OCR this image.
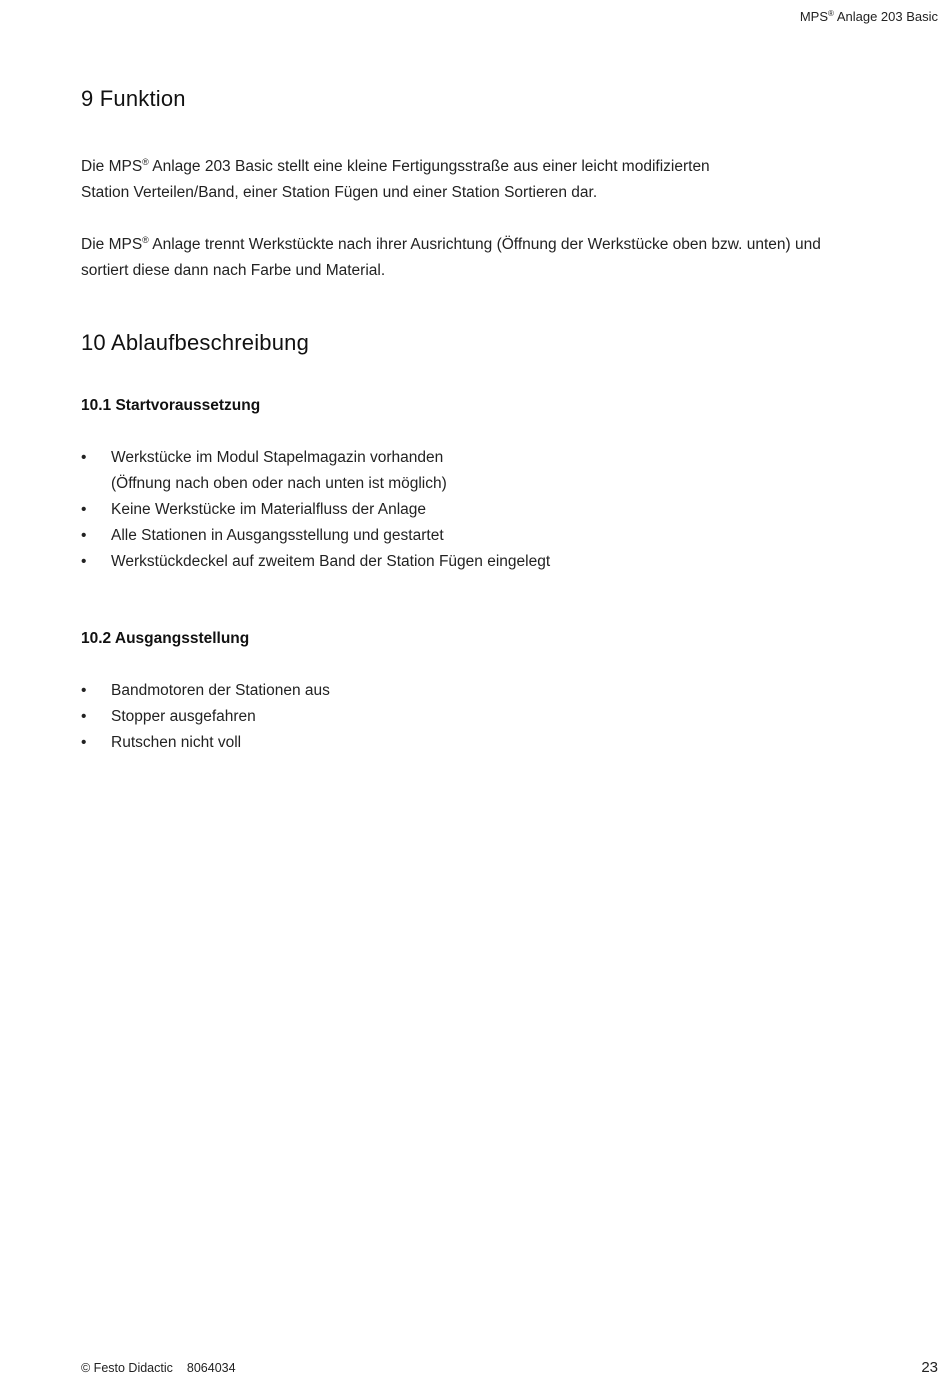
MPS® Anlage 203 Basic
9 Funktion

Die MPS® Anlage 203 Basic stellt eine kleine Fertigungsstraße aus einer leicht modifizierten
Station Verteilen/Band, einer Station Fügen und einer Station Sortieren dar.

Die MPS® Anlage trennt Werkstückte nach ihrer Ausrichtung (Öffnung der Werkstücke oben bzw. unten) und
sortiert diese dann nach Farbe und Material.

10 Ablaufbeschreibung
10.1 Startvoraussetzung
• Werkstücke im Modul Stapelmagazin vorhanden
(Öffnung nach oben oder nach unten ist möglich)
• Keine Werkstücke im Materialfluss der Anlage
• Alle Stationen in Ausgangsstellung und gestartet
• Werkstückdeckel auf zweitem Band der Station Fügen eingelegt
10.2 Ausgangsstellung
• Bandmotoren der Stationen aus
• Stopper ausgefahren
• Rutschen nicht voll
© Festo Didactic 8064034	23
